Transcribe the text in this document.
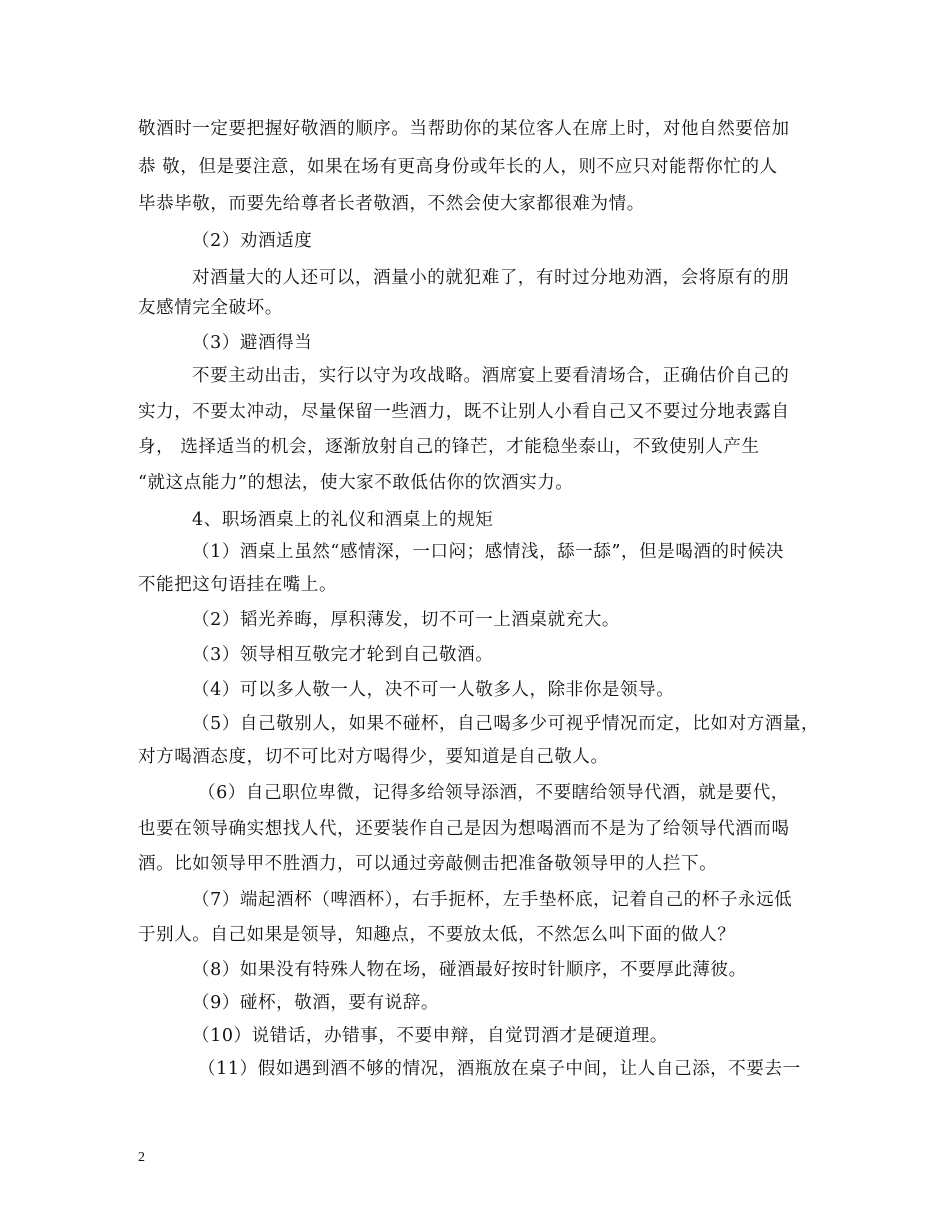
敬酒时一定要把握好敬酒的顺序。当帮助你的某位客人在席上时，对他自然要倍加
恭 敬，但是要注意，如果在场有更高身份或年长的人，则不应只对能帮你忙的人
毕恭毕敬，而要先给尊者长者敬酒，不然会使大家都很难为情。
（2）劝酒适度
对酒量大的人还可以，酒量小的就犯难了，有时过分地劝酒，会将原有的朋
友感情完全破坏。
（3）避酒得当
不要主动出击，实行以守为攻战略。酒席宴上要看清场合，正确估价自己的
实力，不要太冲动，尽量保留一些酒力，既不让别人小看自己又不要过分地表露自
身， 选择适当的机会，逐渐放射自己的锋芒，才能稳坐泰山，不致使别人产生
“就这点能力”的想法，使大家不敢低估你的饮酒实力。
4、职场酒桌上的礼仪和酒桌上的规矩
（1）酒桌上虽然“感情深，一口闷；感情浅，舔一舔”，但是喝酒的时候决
不能把这句语挂在嘴上。
（2）韬光养晦，厚积薄发，切不可一上酒桌就充大。
（3）领导相互敬完才轮到自己敬酒。
（4）可以多人敬一人，决不可一人敬多人，除非你是领导。
（5）自己敬别人，如果不碰杯，自己喝多少可视乎情况而定，比如对方酒量，
对方喝酒态度，切不可比对方喝得少，要知道是自己敬人。
（6）自己职位卑微，记得多给领导添酒，不要瞎给领导代酒，就是要代，
也要在领导确实想找人代，还要装作自己是因为想喝酒而不是为了给领导代酒而喝
酒。比如领导甲不胜酒力，可以通过旁敲侧击把准备敬领导甲的人拦下。
（7）端起酒杯（啤酒杯），右手扼杯，左手垫杯底，记着自己的杯子永远低
于别人。自己如果是领导，知趣点，不要放太低，不然怎么叫下面的做人？
（8）如果没有特殊人物在场，碰酒最好按时针顺序，不要厚此薄彼。
（9）碰杯，敬酒，要有说辞。
（10）说错话，办错事，不要申辩，自觉罚酒才是硬道理。
（11）假如遇到酒不够的情况，酒瓶放在桌子中间，让人自己添，不要去一
2
